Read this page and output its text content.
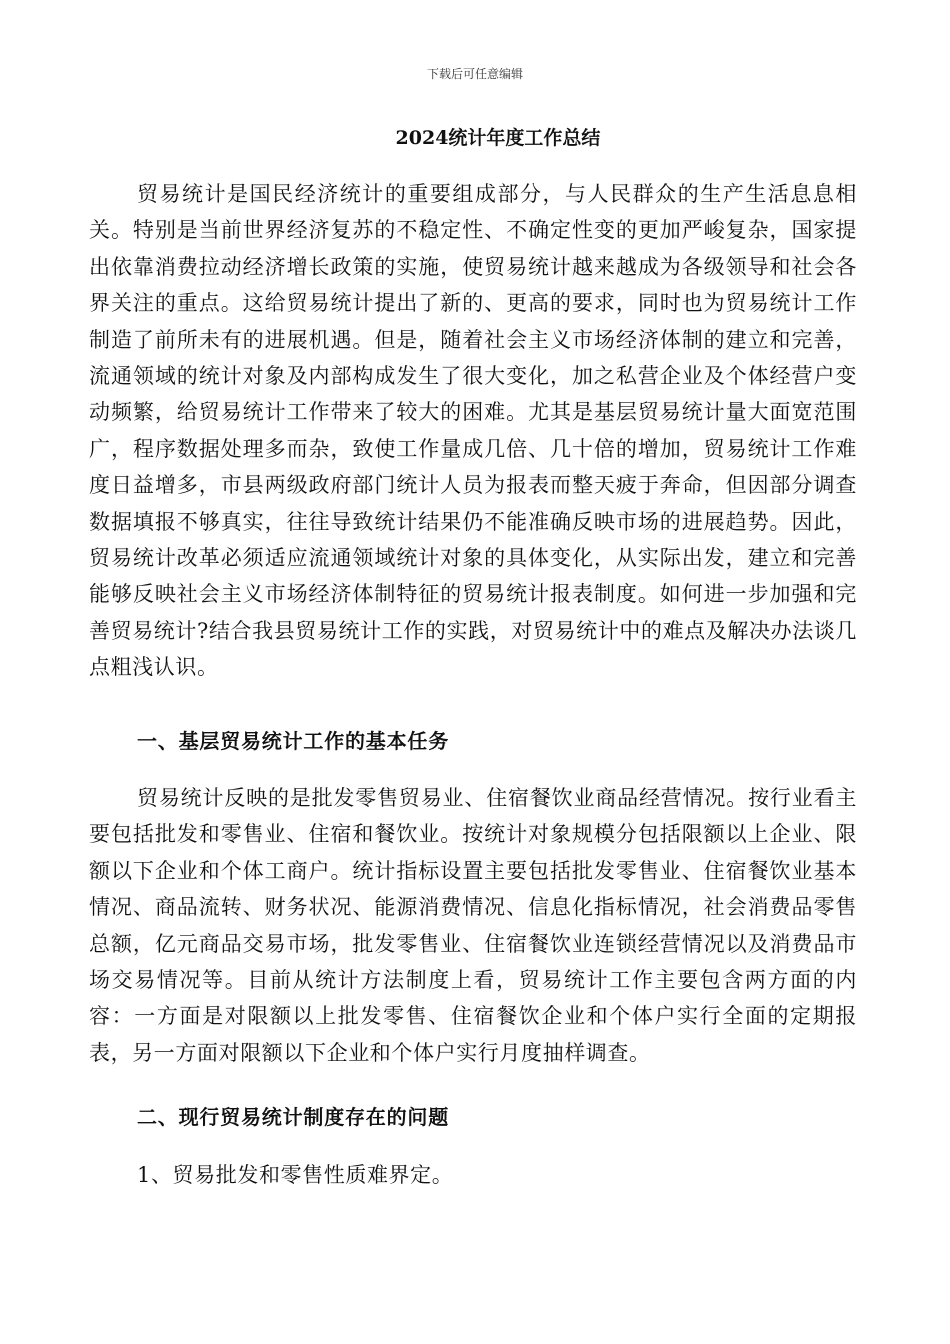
下载后可任意编辑
2024统计年度工作总结

贸易统计是国民经济统计的重要组成部分，与人民群众的生产生活息息相关。特别是当前世界经济复苏的不稳定性、不确定性变的更加严峻复杂，国家提出依靠消费拉动经济增长政策的实施，使贸易统计越来越成为各级领导和社会各界关注的重点。这给贸易统计提出了新的、更高的要求，同时也为贸易统计工作制造了前所未有的进展机遇。但是，随着社会主义市场经济体制的建立和完善，流通领域的统计对象及内部构成发生了很大变化，加之私营企业及个体经营户变动频繁，给贸易统计工作带来了较大的困难。尤其是基层贸易统计量大面宽范围广，程序数据处理多而杂，致使工作量成几倍、几十倍的增加，贸易统计工作难度日益增多，市县两级政府部门统计人员为报表而整天疲于奔命，但因部分调查数据填报不够真实，往往导致统计结果仍不能准确反映市场的进展趋势。因此，贸易统计改革必须适应流通领域统计对象的具体变化，从实际出发，建立和完善能够反映社会主义市场经济体制特征的贸易统计报表制度。如何进一步加强和完善贸易统计?结合我县贸易统计工作的实践，对贸易统计中的难点及解决办法谈几点粗浅认识。

一、基层贸易统计工作的基本任务

贸易统计反映的是批发零售贸易业、住宿餐饮业商品经营情况。按行业看主要包括批发和零售业、住宿和餐饮业。按统计对象规模分包括限额以上企业、限额以下企业和个体工商户。统计指标设置主要包括批发零售业、住宿餐饮业基本情况、商品流转、财务状况、能源消费情况、信息化指标情况，社会消费品零售总额，亿元商品交易市场，批发零售业、住宿餐饮业连锁经营情况以及消费品市场交易情况等。目前从统计方法制度上看，贸易统计工作主要包含两方面的内容：一方面是对限额以上批发零售、住宿餐饮企业和个体户实行全面的定期报表，另一方面对限额以下企业和个体户实行月度抽样调查。

二、现行贸易统计制度存在的问题

1、贸易批发和零售性质难界定。
